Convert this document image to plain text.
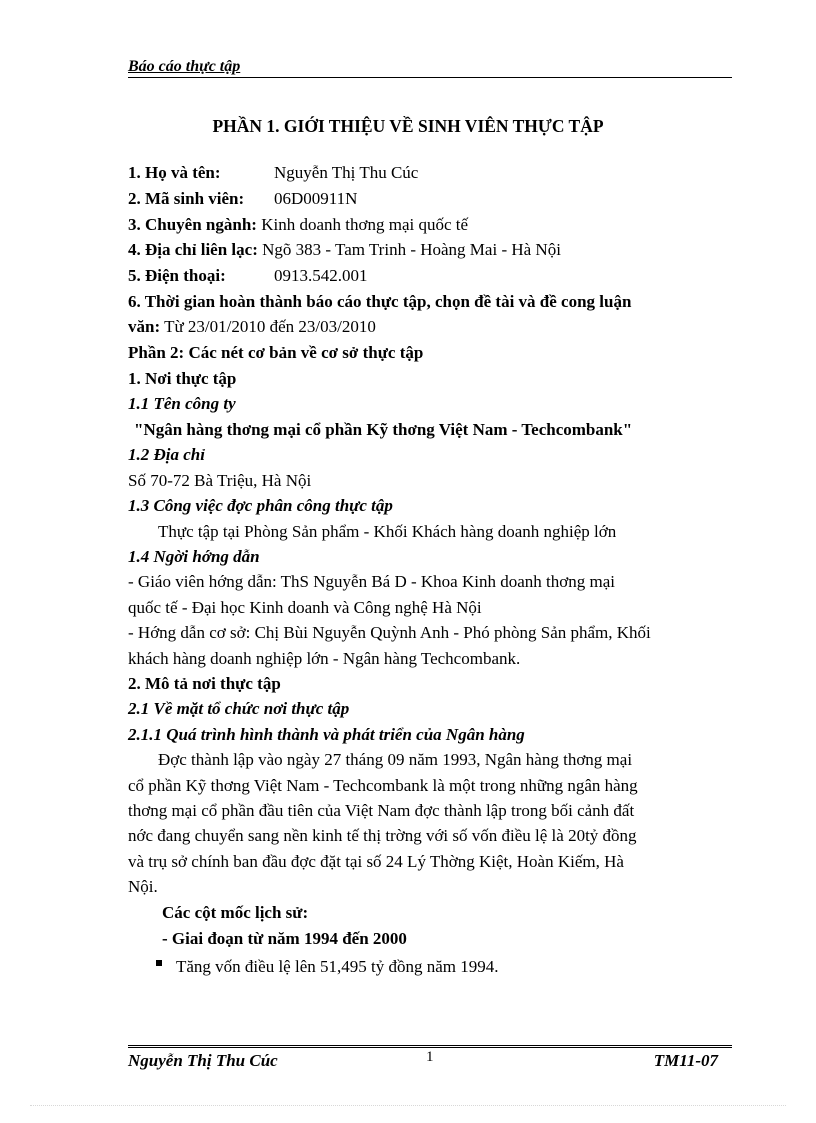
Báo cáo thực tập
PHẦN 1. GIỚI THIỆU VỀ SINH VIÊN THỰC TẬP
1. Họ và tên:	Nguyễn Thị Thu Cúc
2. Mã sinh viên: 06D00911N
3. Chuyên ngành: Kinh doanh thơng mại quốc tế
4. Địa chỉ liên lạc: Ngõ 383 - Tam Trinh - Hoàng Mai - Hà Nội
5. Điện thoại:	0913.542.001
6. Thời gian hoàn thành báo cáo thực tập, chọn đề tài và đề cong luận
văn: Từ 23/01/2010 đến 23/03/2010
Phần 2: Các nét cơ bản về cơ sở thực tập
1. Nơi thực tập
1.1 Tên công ty
"Ngân hàng thơng mại cổ phần Kỹ thơng Việt Nam - Techcombank"
1.2 Địa chỉ
Số 70-72 Bà Triệu, Hà Nội
1.3 Công việc đợc phân công thực tập
Thực tập tại Phòng Sản phẩm - Khối Khách hàng doanh nghiệp lớn
1.4 Ngời hớng dẫn
- Giáo viên hớng dẫn: ThS Nguyễn Bá D - Khoa Kinh doanh thơng mại
quốc tế - Đại học Kinh doanh và Công nghệ Hà Nội
- Hớng dẫn cơ sở: Chị Bùi Nguyễn Quỳnh Anh - Phó phòng Sản phẩm, Khối
khách hàng doanh nghiệp lớn - Ngân hàng Techcombank.
2. Mô tả nơi thực tập
2.1 Về mặt tổ chức nơi thực tập
2.1.1 Quá trình hình thành và phát triển của Ngân hàng
Đợc thành lập vào ngày 27 tháng 09 năm 1993, Ngân hàng thơng mại
cổ phần Kỹ thơng Việt Nam - Techcombank là một trong những ngân hàng
thơng mại cổ phần đầu tiên của Việt Nam đợc thành lập trong bối cảnh đất
nớc đang chuyển sang nền kinh tế thị trờng với số vốn điều lệ là 20tỷ đồng
và trụ sở chính ban đầu đợc đặt tại số 24 Lý Thờng Kiệt, Hoàn Kiếm, Hà
Nội.
Các cột mốc lịch sử:
- Giai đoạn từ năm 1994 đến 2000
Tăng vốn điều lệ lên 51,495 tỷ đồng năm 1994.
Nguyễn Thị Thu Cúc	1	TM11-07
